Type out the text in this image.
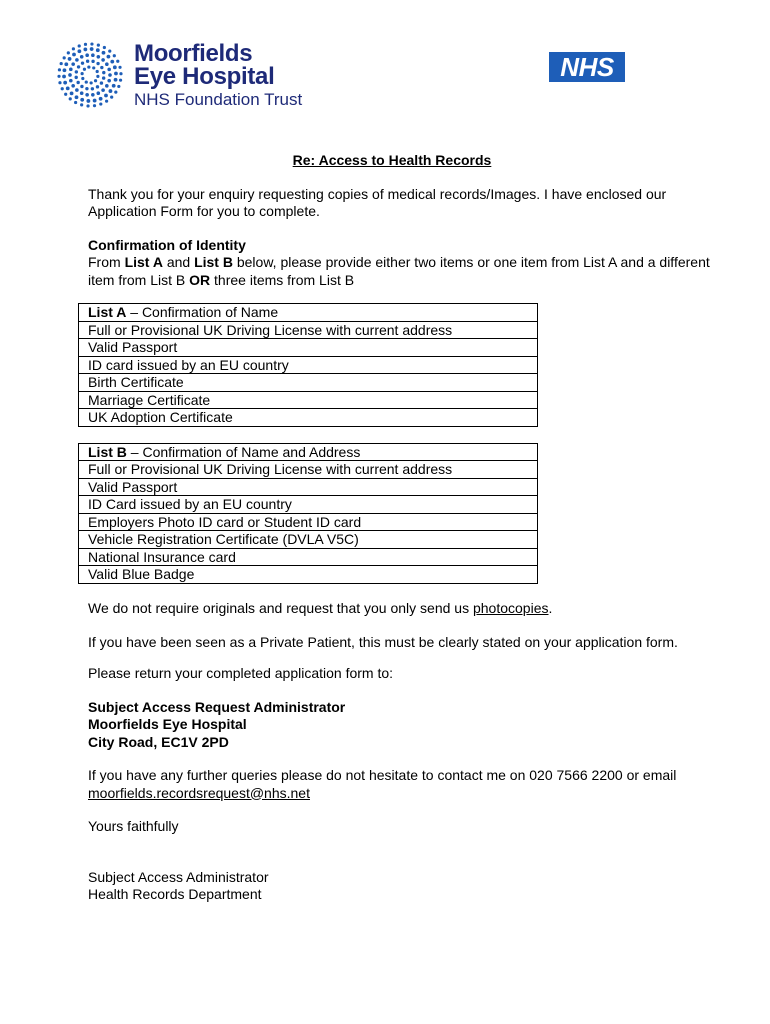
Moorfields
Eye Hospital
NHS Foundation Trust
NHS

Re: Access to Health Records

Thank you for your enquiry requesting copies of medical records/Images. I have enclosed our Application Form for you to complete.

Confirmation of Identity

From List A and List B below, please provide either two items or one item from List A and a different item from List B OR three items from List B

List A – Confirmation of Name
Full or Provisional UK Driving License with current address
Valid Passport
ID card issued by an EU country
Birth Certificate
Marriage Certificate
UK Adoption Certificate
List B – Confirmation of Name and Address
Full or Provisional UK Driving License with current address
Valid Passport
ID Card issued by an EU country
Employers Photo ID card or Student ID card
Vehicle Registration Certificate (DVLA V5C)
National Insurance card
Valid Blue Badge

We do not require originals and request that you only send us photocopies.

If you have been seen as a Private Patient, this must be clearly stated on your application form.

Please return your completed application form to:

Subject Access Request Administrator

Moorfields Eye Hospital

City Road, EC1V 2PD

If you have any further queries please do not hesitate to contact me on 020 7566 2200 or email moorfields.recordsrequest@nhs.net

Yours faithfully

Subject Access Administrator

Health Records Department
